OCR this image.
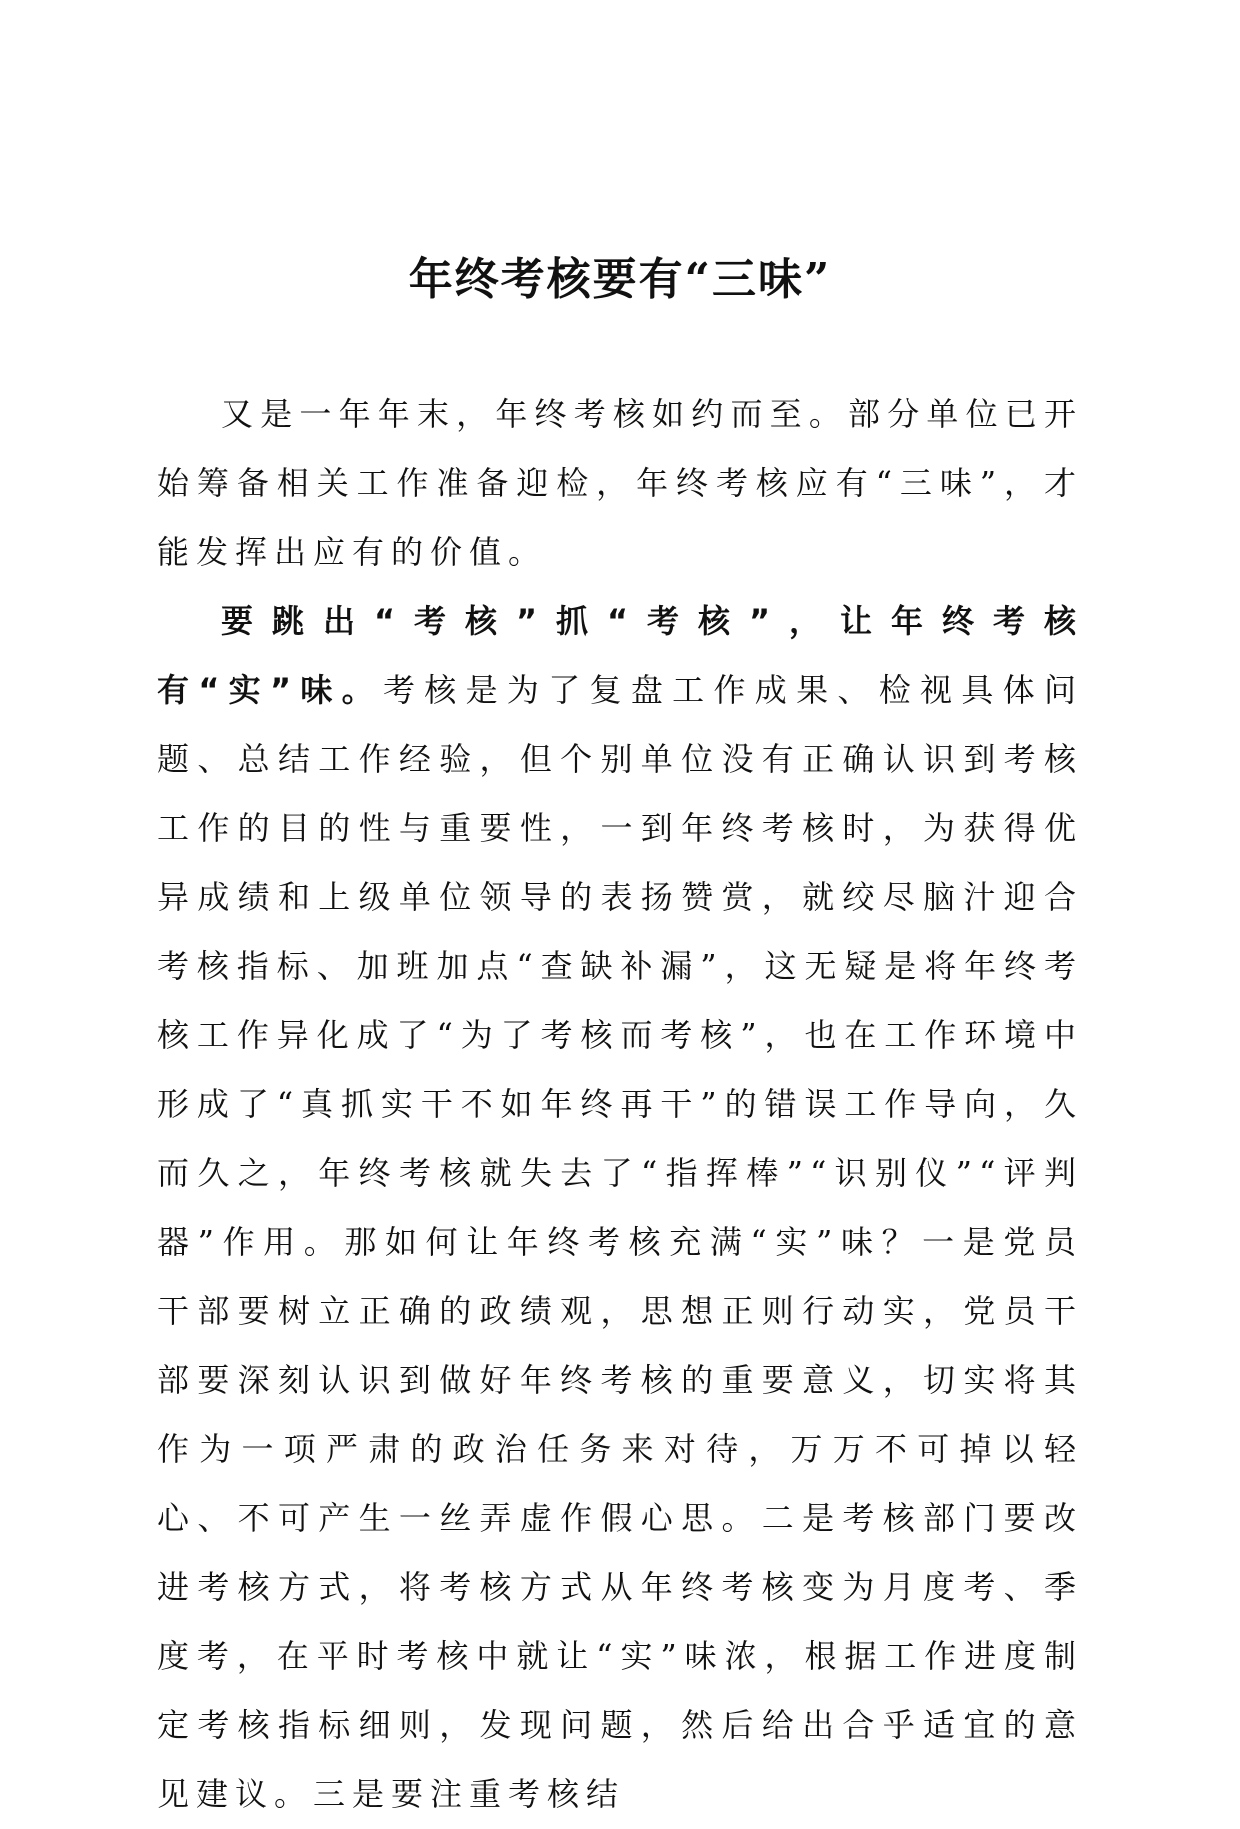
年终考核要有“三味”

又是一年年末，年终考核如约而至。部分单位已开始筹备相关工作准备迎检，年终考核应有“三味”，才能发挥出应有的价值。

要跳出“考核”抓“考核”，让年终考核有“实”味。考核是为了复盘工作成果、检视具体问题、总结工作经验，但个别单位没有正确认识到考核工作的目的性与重要性，一到年终考核时，为获得优异成绩和上级单位领导的表扬赞赏，就绞尽脑汁迎合考核指标、加班加点“查缺补漏”，这无疑是将年终考核工作异化成了“为了考核而考核”，也在工作环境中形成了“真抓实干不如年终再干”的错误工作导向，久而久之，年终考核就失去了“指挥棒”“识别仪”“评判器”作用。那如何让年终考核充满“实”味？一是党员干部要树立正确的政绩观，思想正则行动实，党员干部要深刻认识到做好年终考核的重要意义，切实将其作为一项严肃的政治任务来对待，万万不可掉以轻心、不可产生一丝弄虚作假心思。二是考核部门要改进考核方式，将考核方式从年终考核变为月度考、季度考，在平时考核中就让“实”味浓，根据工作进度制定考核指标细则，发现问题，然后给出合乎适宜的意见建议。三是要注重考核结
